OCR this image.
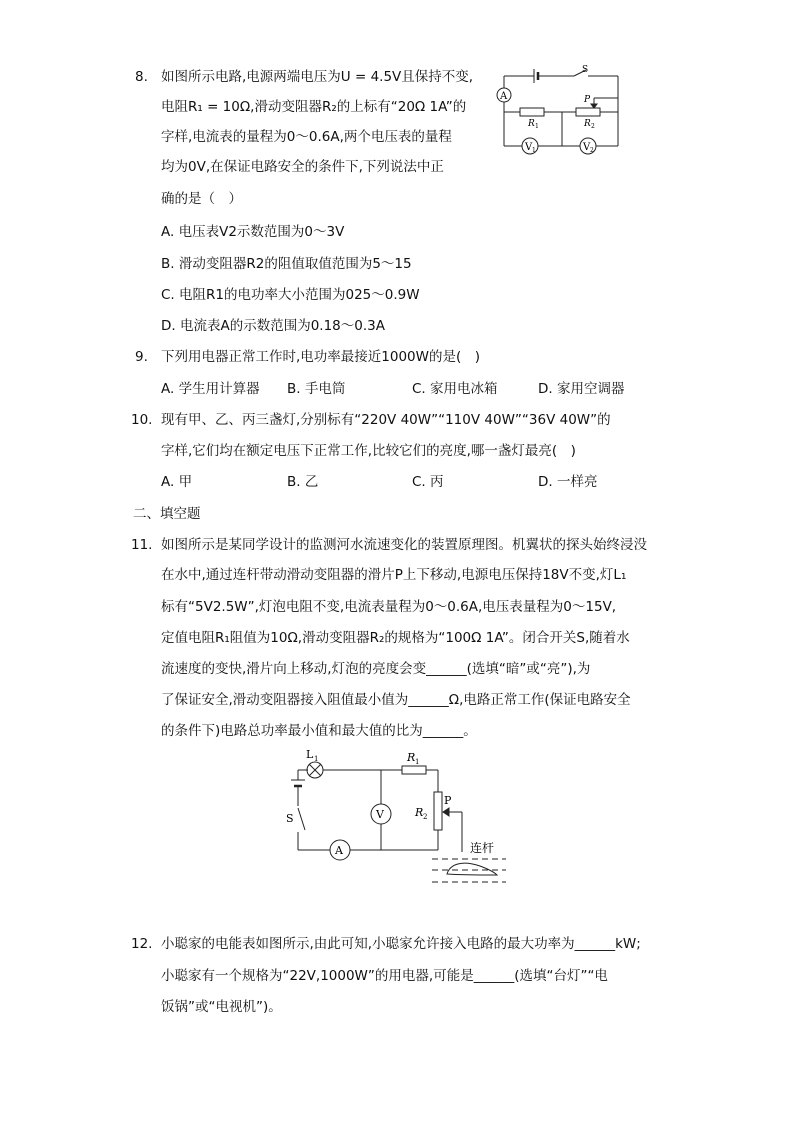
8. 如图所示电路,电源两端电压为U = 4.5V且保持不变,
电阻R₁ = 10Ω,滑动变阻器R₂的上标有“20Ω 1A”的
字样,电流表的量程为0～0.6A,两个电压表的量程
均为0V,在保证电路安全的条件下,下列说法中正
确的是（　）
A. 电压表V2示数范围为0～3V
B. 滑动变阻器R2的阻值取值范围为5～15
C. 电阻R1的电功率大小范围为025～0.9W
D. 电流表A的示数范围为0.18～0.3A
A
S
P
R 1	R 2
V 1	V 2
9. 下列用电器正常工作时,电功率最接近1000W的是(　)
A. 学生用计算器 B. 手电筒	C. 家用电冰箱	D. 家用空调器
10. 现有甲、乙、丙三盏灯,分别标有“220V 40W”“110V 40W”“36V 40W”的
字样,它们均在额定电压下正常工作,比较它们的亮度,哪一盏灯最亮(　)
A. 甲	B. 乙	C. 丙	D. 一样亮
二、填空题
11. 如图所示是某同学设计的监测河水流速变化的装置原理图。机翼状的探头始终浸没
在水中,通过连杆带动滑动变阻器的滑片P上下移动,电源电压保持18V不变,灯L₁
标有“5V2.5W”,灯泡电阻不变,电流表量程为0～0.6A,电压表量程为0～15V,
定值电阻R₁阻值为10Ω,滑动变阻器R₂的规格为“100Ω 1A”。闭合开关S,随着水
流速度的变快,滑片向上移动,灯泡的亮度会变______(选填“暗”或“亮”),为
了保证安全,滑动变阻器接入阻值最小值为______Ω,电路正常工作(保证电路安全
的条件下)电路总功率最小值和最大值的比为______。
L 1	R 1
R 2
P
S	V
A	连杆
12. 小聪家的电能表如图所示,由此可知,小聪家允许接入电路的最大功率为______kW;
小聪家有一个规格为“22V,1000W”的用电器,可能是______(选填“台灯”“电
饭锅”或“电视机”)。
